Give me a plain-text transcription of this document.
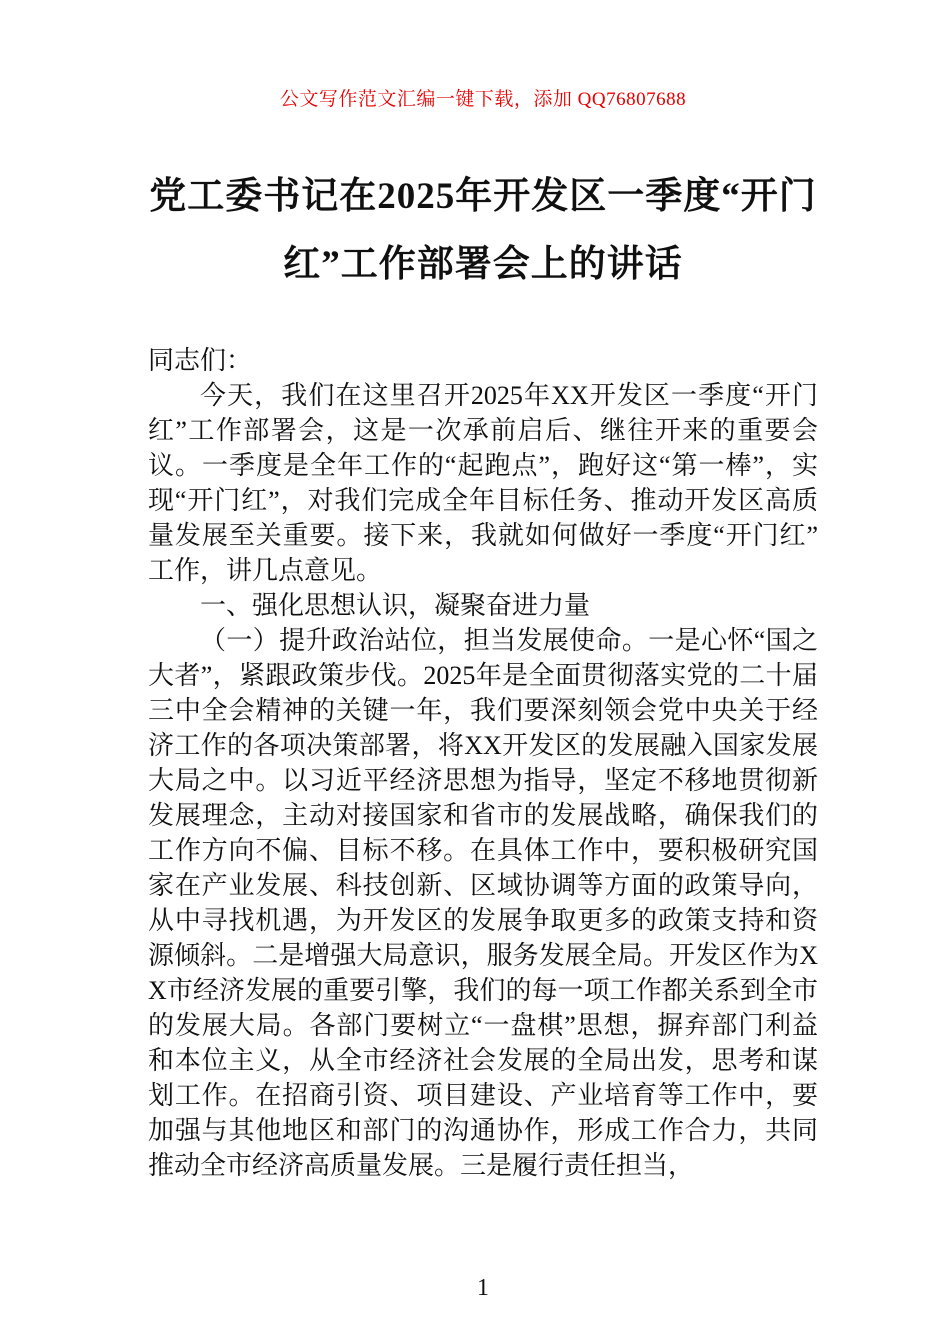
公文写作范文汇编一键下载，添加 QQ76807688
党工委书记在2025年开发区一季度“开门红”工作部署会上的讲话

同志们：

今天，我们在这里召开2025年XX开发区一季度“开门红”工作部署会，这是一次承前启后、继往开来的重要会议。一季度是全年工作的“起跑点”，跑好这“第一棒”，实现“开门红”，对我们完成全年目标任务、推动开发区高质量发展至关重要。接下来，我就如何做好一季度“开门红”工作，讲几点意见。

一、强化思想认识，凝聚奋进力量

（一）提升政治站位，担当发展使命。一是心怀“国之大者”，紧跟政策步伐。2025年是全面贯彻落实党的二十届三中全会精神的关键一年，我们要深刻领会党中央关于经济工作的各项决策部署，将XX开发区的发展融入国家发展大局之中。以习近平经济思想为指导，坚定不移地贯彻新发展理念，主动对接国家和省市的发展战略，确保我们的工作方向不偏、目标不移。在具体工作中，要积极研究国家在产业发展、科技创新、区域协调等方面的政策导向，从中寻找机遇，为开发区的发展争取更多的政策支持和资源倾斜。二是增强大局意识，服务发展全局。开发区作为XX市经济发展的重要引擎，我们的每一项工作都关系到全市的发展大局。各部门要树立“一盘棋”思想，摒弃部门利益和本位主义，从全市经济社会发展的全局出发，思考和谋划工作。在招商引资、项目建设、产业培育等工作中，要加强与其他地区和部门的沟通协作，形成工作合力，共同推动全市经济高质量发展。三是履行责任担当，

1
